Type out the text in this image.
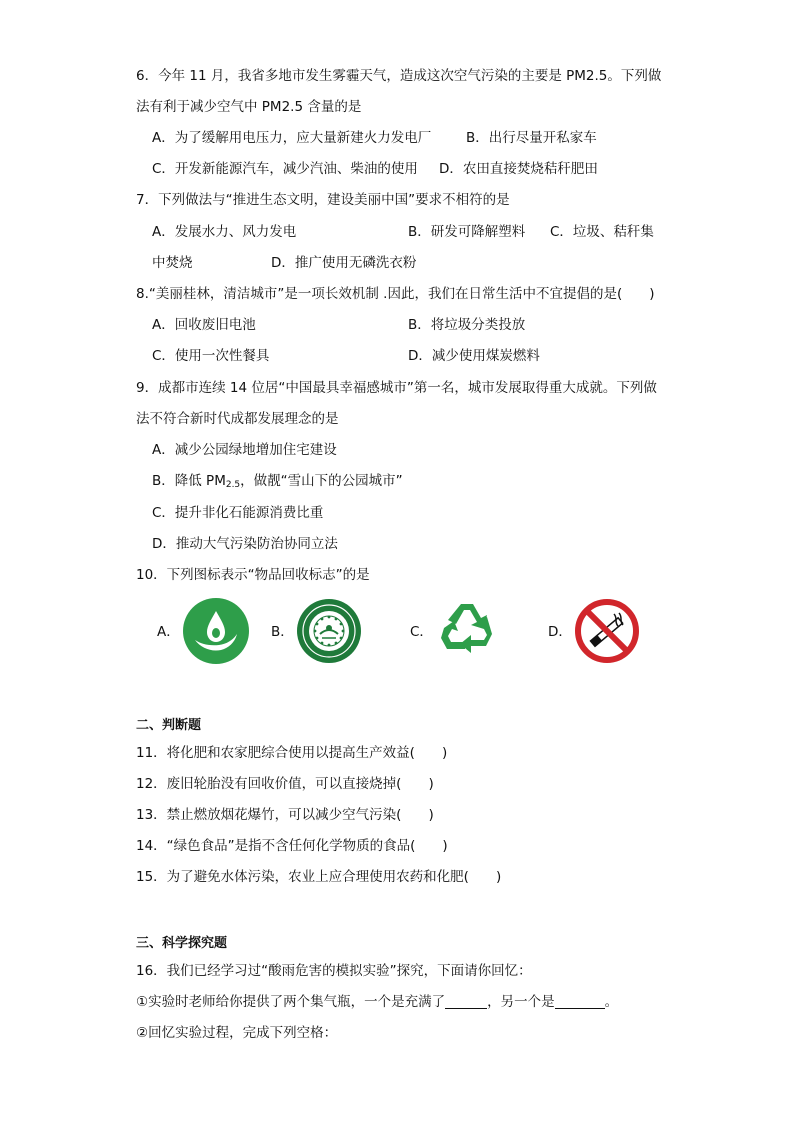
6．今年 11 月，我省多地市发生雾霾天气，造成这次空气污染的主要是 PM2.5。下列做
法有利于减少空气中 PM2.5 含量的是
A．为了缓解用电压力，应大量新建火力发电厂	B．出行尽量开私家车
C．开发新能源汽车，减少汽油、柴油的使用 D．农田直接焚烧秸秆肥田
7．下列做法与“推进生态文明，建设美丽中国”要求不相符的是
A．发展水力、风力发电	B．研发可降解塑料 C．垃圾、秸秆集
中焚烧	D．推广使用无磷洗衣粉
8.“美丽桂林，清洁城市”是一项长效机制 .因此，我们在日常生活中不宜提倡的是(　　)
A．回收废旧电池	B．将垃圾分类投放
C．使用一次性餐具	D．减少使用煤炭燃料
9．成都市连续 14 位居“中国最具幸福感城市”第一名，城市发展取得重大成就。下列做
法不符合新时代成都发展理念的是
A．减少公园绿地增加住宅建设
B．降低 $PM_{2.5}$，做靓“雪山下的公园城市”
C．提升非化石能源消费比重
D．推动大气污染防治协同立法
10．下列图标表示“物品回收标志”的是
A．	B．	C．	D．
二、判断题
11．将化肥和农家肥综合使用以提高生产效益(　　)
12．废旧轮胎没有回收价值，可以直接烧掉(　　)
13．禁止燃放烟花爆竹，可以减少空气污染(　　)
14．“绿色食品”是指不含任何化学物质的食品(　　)
15．为了避免水体污染，农业上应合理使用农药和化肥(　　)
三、科学探究题
16．我们已经学习过“酸雨危害的模拟实验”探究，下面请你回忆：
①实验时老师给你提供了两个集气瓶，一个是充满了	，另一个是	。
②回忆实验过程，完成下列空格：
